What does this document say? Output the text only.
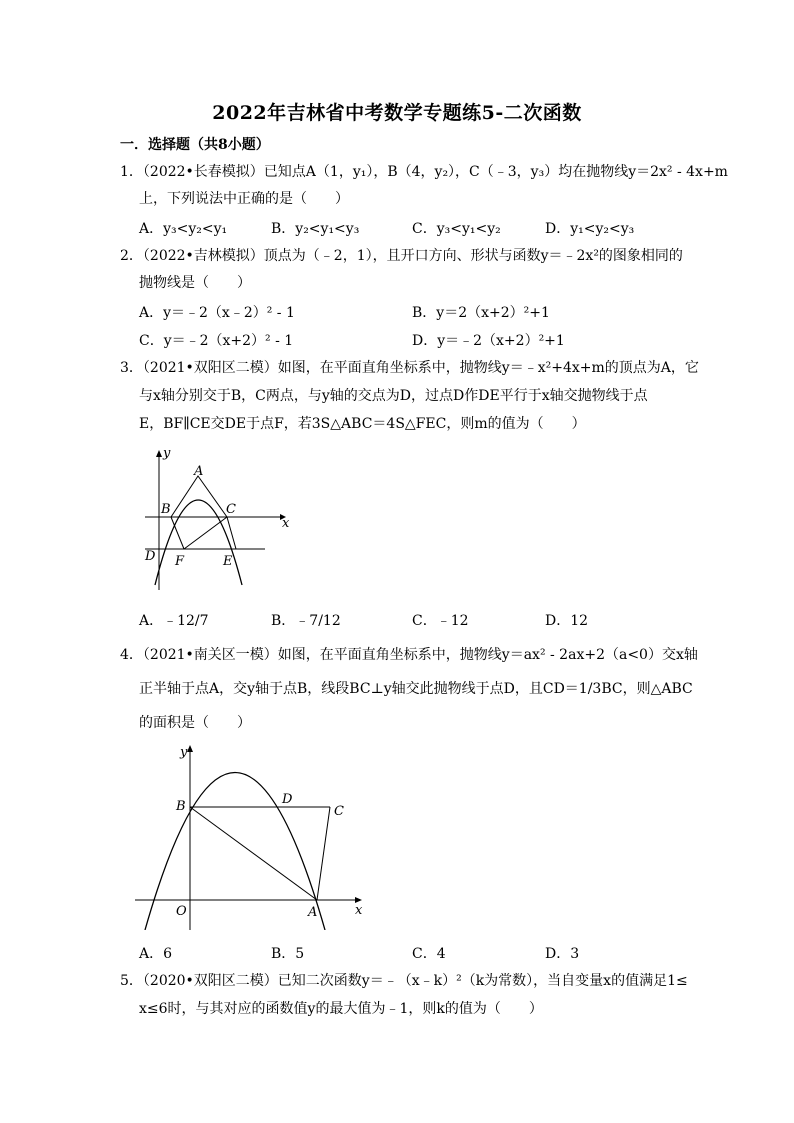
2022年吉林省中考数学专题练5-二次函数
一．选择题（共8小题）
1．（2022•长春模拟）已知点A（1，y₁），B（4，y₂），C（﹣3，y₃）均在抛物线y＝2x² - 4x+m
上，下列说法中正确的是（　　）
A．y₃<y₂<y₁	B．y₂<y₁<y₃	C．y₃<y₁<y₂	D．y₁<y₂<y₃
2．（2022•吉林模拟）顶点为（﹣2，1），且开口方向、形状与函数y＝﹣2x²的图象相同的
抛物线是（　　）
A．y＝﹣2（x﹣2）² - 1	B．y＝2（x+2）²+1
C．y＝﹣2（x+2）² - 1	D．y＝﹣2（x+2）²+1
3．（2021•双阳区二模）如图，在平面直角坐标系中，抛物线y＝﹣x²+4x+m的顶点为A，它
与x轴分别交于B，C两点，与y轴的交点为D，过点D作DE平行于x轴交抛物线于点
E，BF∥CE交DE于点F，若3S△ABC＝4S△FEC，则m的值为（　　）
y
x
A
B	C
D F	E
A．﹣12/7	B．﹣7/12	C．﹣12	D．12
4．（2021•南关区一模）如图，在平面直角坐标系中，抛物线y＝ax² - 2ax+2（a<0）交x轴
正半轴于点A，交y轴于点B，线段BC⊥y轴交此抛物线于点D，且CD＝1/3BC，则△ABC
的面积是（　　）
y
x
O	A
B	C
D
A．6	B．5	C．4	D．3
5．（2020•双阳区二模）已知二次函数y＝﹣（x﹣k）²（k为常数），当自变量x的值满足1≤
x≤6时，与其对应的函数值y的最大值为﹣1，则k的值为（　　）
